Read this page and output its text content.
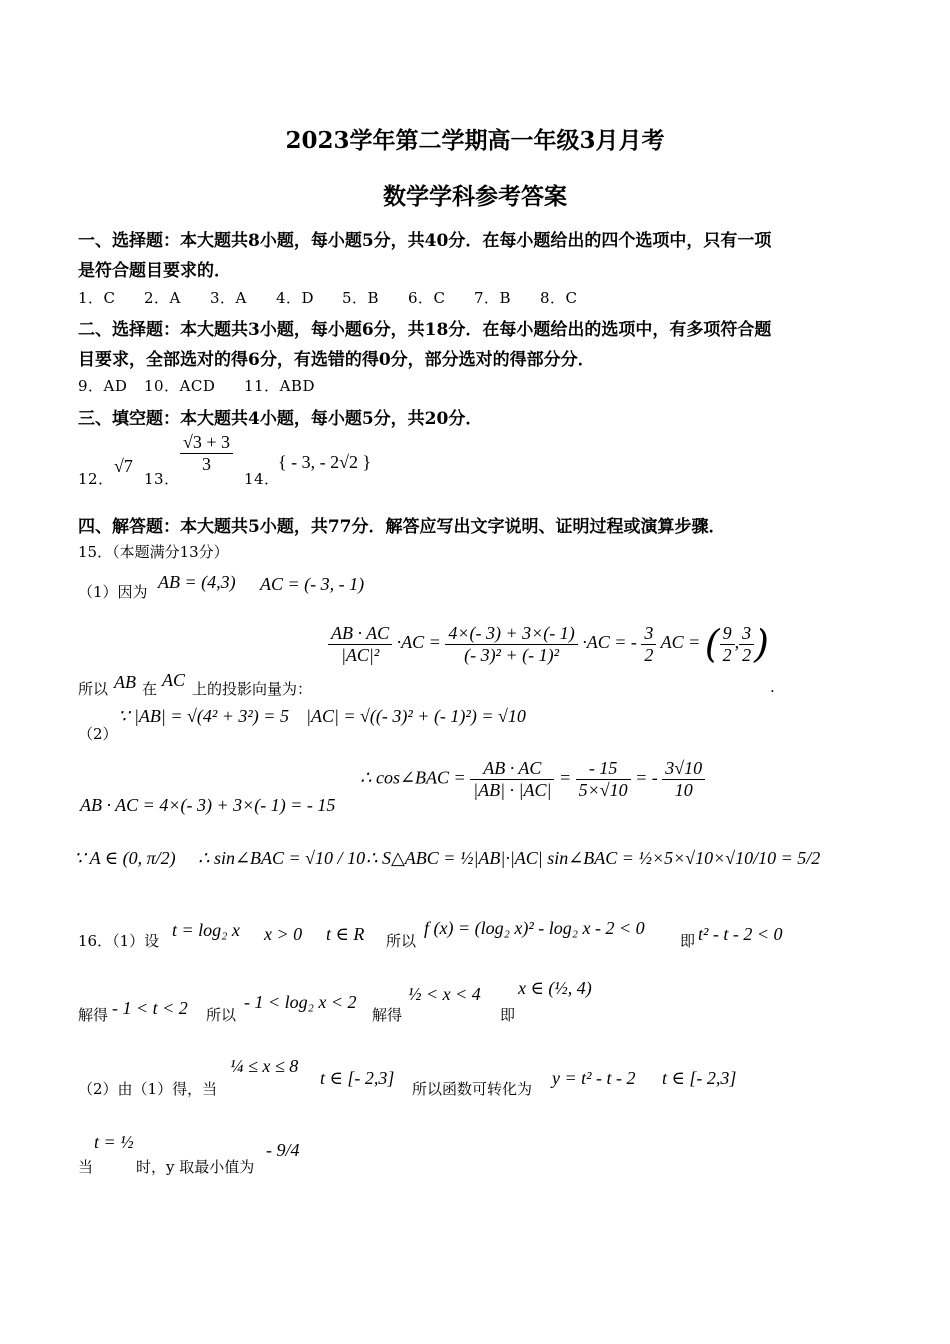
2023学年第二学期高一年级3月月考
数学学科参考答案
一、选择题：本大题共8小题，每小题5分，共40分．在每小题给出的四个选项中，只有一项
是符合题目要求的．
1．C 2．A 3．A 4．D 5．B 6．C 7．B 8．C
二、选择题：本大题共3小题，每小题6分，共18分．在每小题给出的选项中，有多项符合题
目要求，全部选对的得6分，有选错的得0分，部分选对的得部分分．
9．AD 10．ACD 11．ABD
三、填空题：本大题共4小题，每小题5分，共20分．
12．
√7
13．
$\frac{√3 + 3}{3}$
14．
{ - 3, - 2√2 }
四、解答题：本大题共5小题，共77分．解答应写出文字说明、证明过程或演算步骤．
15．（本题满分13分）
（1）因为 AB = (4,3) AC = (- 3, - 1)
所以 AB 在 AC 上的投影向量为：
$\frac{AB \cdot AC}{\text{|AC|²}} \cdot AC = \frac{4\times(- 3) + 3\times(- 1)}{\text{(- 3)² + (- 1)²}} \cdot AC$ = - $\frac{3}{2}$ AC = ( $\frac{9}{2}$ , $\frac{3}{2}$ )
.
（2）
∵ |AB| = √(4² + 3²) = 5 |AC| = √((- 3)² + (- 1)²) = √10
AB · AC = 4×(- 3) + 3×(- 1) = - 15
∴ cos∠BAC = $\frac{AB \cdot AC}{|AB| \cdot |AC|} = \frac{- 15}{5\times√10}$ = - $\frac{3√10}{10}$
∵ A ∈ (0, π/2) ∴ sin∠BAC = √10 / 10 ∴ S△ABC = ½|AB|·|AC| sin∠BAC = ½×5×√10×√10/10 = 5/2
16．（1）设
t = log₂ x x > 0 t ∈ R 所以
f (x) = (log₂ x)² - log₂ x - 2 < 0
即 t² - t - 2 < 0
解得 - 1 < t < 2 所以
- 1 < log₂ x < 2
解得
½ < x < 4
即
x ∈ (½, 4)
（2）由（1）得，当
¼ ≤ x ≤ 8
t ∈ [- 2,3]
所以函数可转化为
y = t² - t - 2 t ∈ [- 2,3]
当
t = ½
时，y 取最小值为
- 9/4
